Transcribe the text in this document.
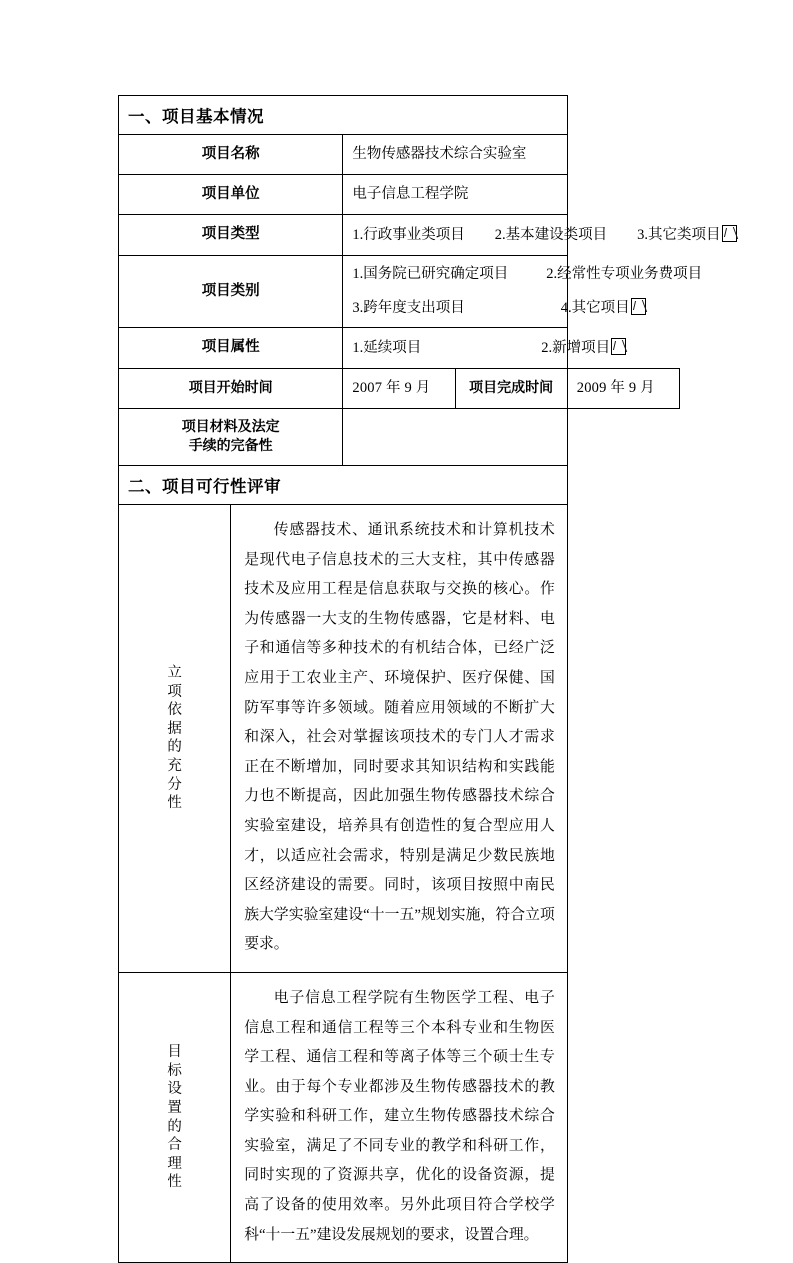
一、项目基本情况				
项目名称		生物传感器技术综合实验室		
项目单位		电子信息工程学院		
项目类型		1.行政事业类项目 2.基本建设类项目 3.其它类项目		

项目类别		1.国务院已研究确定项目 2.经常性专项业务费项目
3.跨年度支出项目 4.其它项目		

项目属性		1.延续项目 2.新增项目		

项目开始时间		2007 年 9 月	项目完成时间	2009 年 9 月
项目材料及法定
手续的完备性				
二、项目可行性评审				
立项依据的充分性	传感器技术、通讯系统技术和计算机技术是现代电子信息技术的三大支柱，其中传感器技术及应用工程是信息获取与交换的核心。作为传感器一大支的生物传感器，它是材料、电子和通信等多种技术的有机结合体，已经广泛应用于工农业主产、环境保护、医疗保健、国防军事等许多领域。随着应用领域的不断扩大和深入，社会对掌握该项技术的专门人才需求正在不断增加，同时要求其知识结构和实践能力也不断提高，因此加强生物传感器技术综合实验室建设，培养具有创造性的复合型应用人才，以适应社会需求，特别是满足少数民族地区经济建设的需要。同时，该项目按照中南民族大学实验室建设“十一五”规划实施，符合立项要求。			

目标设置的合理性	电子信息工程学院有生物医学工程、电子信息工程和通信工程等三个本科专业和生物医学工程、通信工程和等离子体等三个硕士生专业。由于每个专业都涉及生物传感器技术的教学实验和科研工作，建立生物传感器技术综合实验室，满足了不同专业的教学和科研工作，同时实现的了资源共享，优化的设备资源，提高了设备的使用效率。另外此项目符合学校学科“十一五”建设发展规划的要求，设置合理。			
